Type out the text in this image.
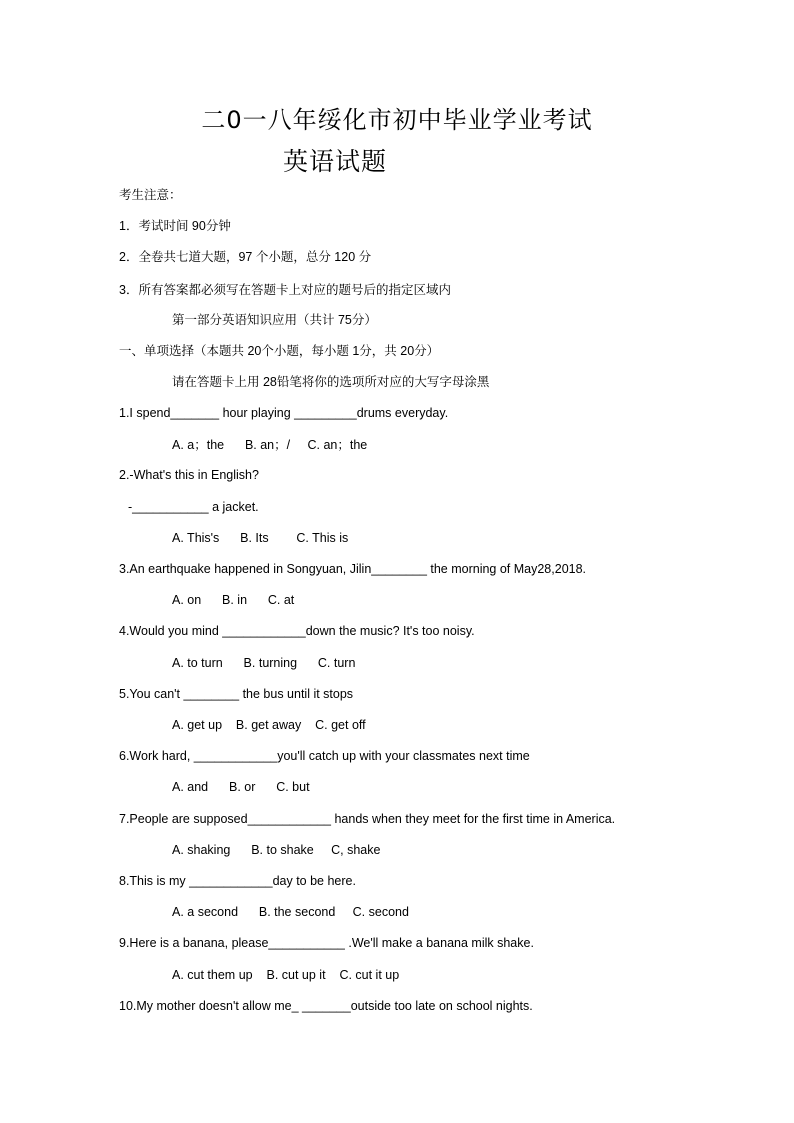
二0一八年绥化市初中毕业学业考试
英语试题
考生注意：
1．考试时间 90分钟
2．全卷共七道大题，97 个小题，总分 120 分
3．所有答案都必须写在答题卡上对应的题号后的指定区域内
第一部分英语知识应用（共计 75分）
一、单项选择（本题共 20个小题，每小题 1分，共 20分）
请在答题卡上用 28铅笔将你的选项所对应的大写字母涂黑
1.I spend_______ hour playing _________drums everyday.
A. a；the      B. an；/     C. an；the
2.-What's this in English?
-___________ a jacket.
A. This's      B. Its        C. This is
3.An earthquake happened in Songyuan, Jilin________ the morning of May28,2018.
A. on      B. in      C. at
4.Would you mind ____________down the music? It's too noisy.
A. to turn      B. turning      C. turn
5.You can't ________ the bus until it stops
A. get up    B. get away    C. get off
6.Work hard, ____________you'll catch up with your classmates next time
A. and      B. or      C. but
7.People are supposed____________ hands when they meet for the first time in America.
A. shaking      B. to shake     C, shake
8.This is my ____________day to be here.
A. a second      B. the second     C. second
9.Here is a banana, please___________ .We'll make a banana milk shake.
A. cut them up    B. cut up it    C. cut it up
10.My mother doesn't allow me_ _______outside too late on school nights.
